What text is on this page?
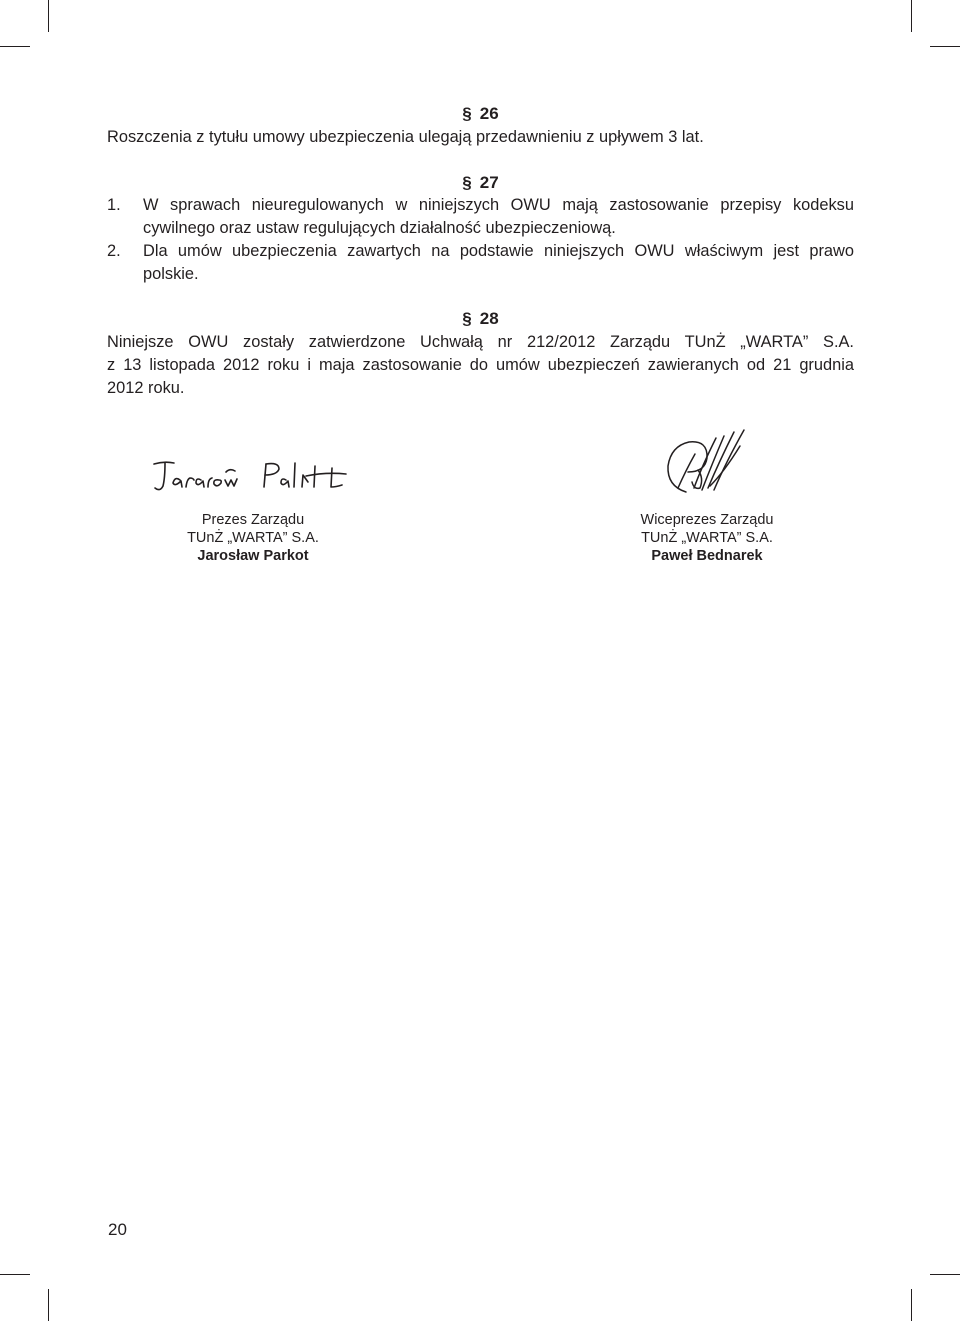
§ 26
Roszczenia z tytułu umowy ubezpieczenia ulegają przedawnieniu z upływem 3 lat.
§ 27
1. W sprawach nieuregulowanych w niniejszych OWU mają zastosowanie przepisy kodeksu
cywilnego oraz ustaw regulujących działalność ubezpieczeniową.
2. Dla umów ubezpieczenia zawartych na podstawie niniejszych OWU właściwym jest prawo
polskie.
§ 28
Niniejsze OWU zostały zatwierdzone Uchwałą nr 212/2012 Zarządu TUnŻ „WARTA” S.A.
z 13 listopada 2012 roku i maja zastosowanie do umów ubezpieczeń zawieranych od 21 grudnia
2012 roku.
Prezes Zarządu
TUnŻ „WARTA” S.A.
Jarosław Parkot
Wiceprezes Zarządu
TUnŻ „WARTA” S.A.
Paweł Bednarek
20
